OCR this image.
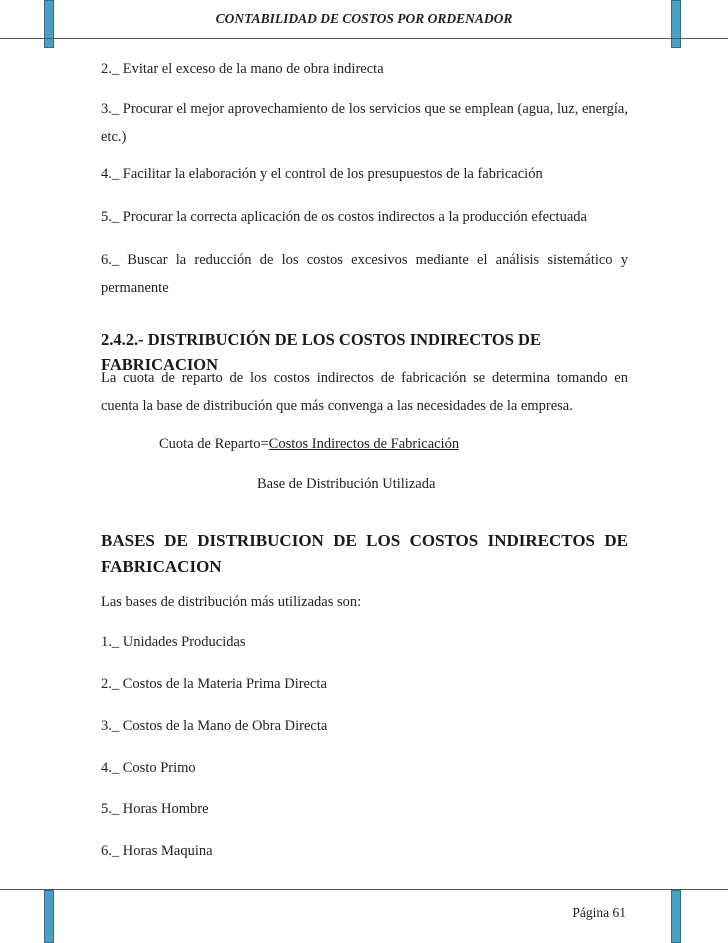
CONTABILIDAD DE COSTOS POR ORDENADOR

2._ Evitar el exceso de la mano de obra indirecta

3._ Procurar el mejor aprovechamiento de los servicios que se emplean (agua, luz, energía, etc.)

4._ Facilitar la elaboración y el control de los presupuestos de la fabricación

5._ Procurar la correcta aplicación de os costos indirectos a la producción efectuada

6._ Buscar la reducción de los costos excesivos mediante el análisis sistemático y permanente

2.4.2.- DISTRIBUCIÓN DE LOS COSTOS INDIRECTOS DE FABRICACION

La cuota de reparto de los costos indirectos de fabricación se determina tomando en cuenta la base de distribución que más convenga a las necesidades de la empresa.

Cuota de Reparto=Costos Indirectos de Fabricación
Base de Distribución Utilizada
BASES DE DISTRIBUCION DE LOS COSTOS INDIRECTOS DE FABRICACION

Las bases de distribución más utilizadas son:

1._ Unidades Producidas

2._ Costos de la Materia Prima Directa

3._ Costos de la Mano de Obra Directa

4._ Costo Primo

5._ Horas Hombre

6._ Horas Maquina

Página 61
